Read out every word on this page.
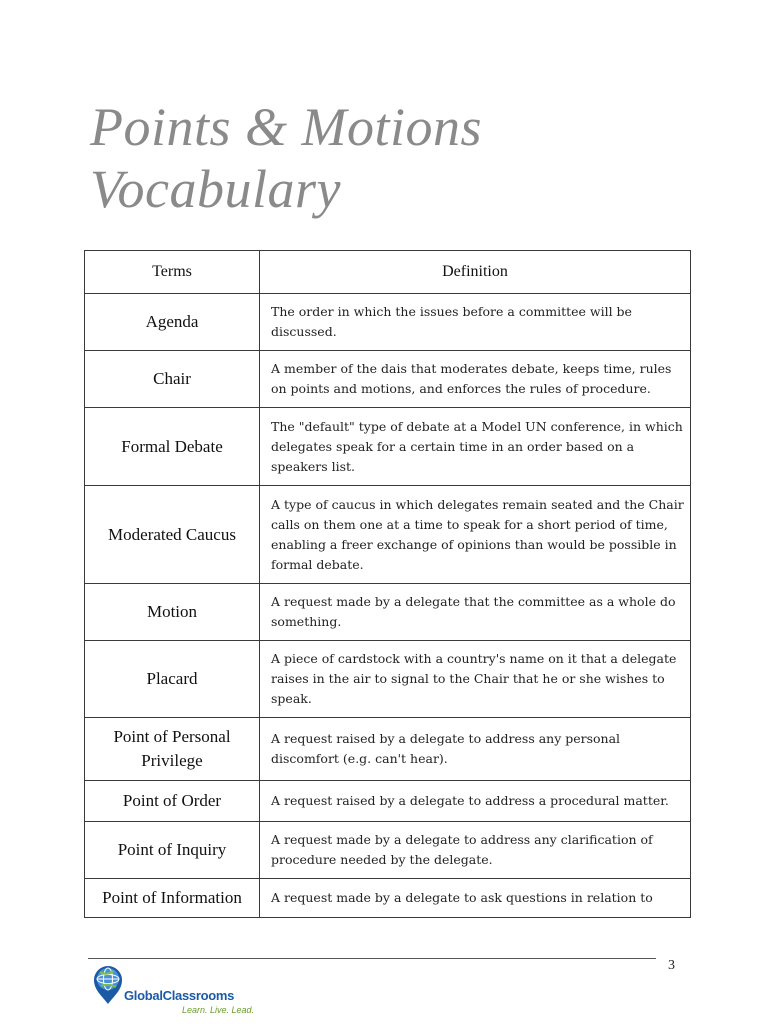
Points & Motions
Vocabulary
Terms	Definition
Agenda	The order in which the issues before a committee will be discussed.
Chair	A member of the dais that moderates debate, keeps time, rules on points and motions, and enforces the rules of procedure.
Formal Debate	The "default" type of debate at a Model UN conference, in which delegates speak for a certain time in an order based on a speakers list.
Moderated Caucus	A type of caucus in which delegates remain seated and the Chair calls on them one at a time to speak for a short period of time, enabling a freer exchange of opinions than would be possible in formal debate.
Motion	A request made by a delegate that the committee as a whole do something.
Placard	A piece of cardstock with a country's name on it that a delegate raises in the air to signal to the Chair that he or she wishes to speak.
Point of Personal Privilege	A request raised by a delegate to address any personal discomfort (e.g. can't hear).
Point of Order	A request raised by a delegate to address a procedural matter.
Point of Inquiry	A request made by a delegate to address any clarification of procedure needed by the delegate.
Point of Information	A request made by a delegate to ask questions in relation to
3
GlobalClassrooms
Learn. Live. Lead.
